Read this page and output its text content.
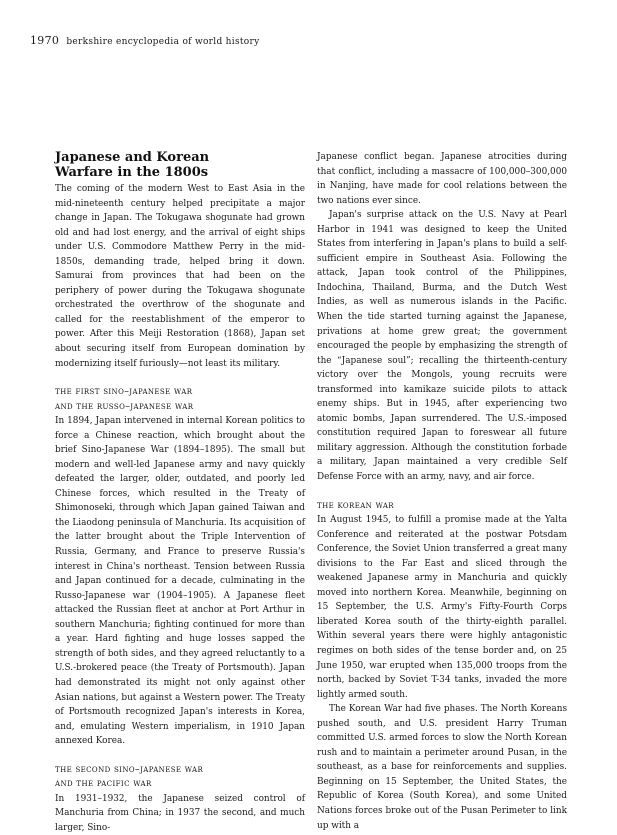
1970 berkshire encyclopedia of world history
Japanese and Korean
Warfare in the 1800s

The coming of the modern West to East Asia in the mid-nineteenth century helped precipitate a major change in Japan. The Tokugawa shogunate had grown old and had lost energy, and the arrival of eight ships under U.S. Commodore Matthew Perry in the mid-1850s, demanding trade, helped bring it down. Samurai from provinces that had been on the periphery of power during the Tokugawa shogunate orchestrated the overthrow of the shogunate and called for the reestablishment of the emperor to power. After this Meiji Restoration (1868), Japan set about securing itself from European domination by modernizing itself furiously—not least its military.

the first sino–japanese war
and the russo–japanese war

In 1894, Japan intervened in internal Korean politics to force a Chinese reaction, which brought about the brief Sino-Japanese War (1894–1895). The small but modern and well-led Japanese army and navy quickly defeated the larger, older, outdated, and poorly led Chinese forces, which resulted in the Treaty of Shimonoseki, through which Japan gained Taiwan and the Liaodong peninsula of Manchuria. Its acquisition of the latter brought about the Triple Intervention of Russia, Germany, and France to preserve Russia's interest in China's northeast. Tension between Russia and Japan continued for a decade, culminating in the Russo-Japanese war (1904–1905). A Japanese fleet attacked the Russian fleet at anchor at Port Arthur in southern Manchuria; fighting continued for more than a year. Hard fighting and huge losses sapped the strength of both sides, and they agreed reluctantly to a U.S.-brokered peace (the Treaty of Portsmouth). Japan had demonstrated its might not only against other Asian nations, but against a Western power. The Treaty of Portsmouth recognized Japan's interests in Korea, and, emulating Western imperialism, in 1910 Japan annexed Korea.

the second sino–japanese war
and the pacific war

In 1931–1932, the Japanese seized control of Manchuria from China; in 1937 the second, and much larger, Sino-

Japanese conflict began. Japanese atrocities during that conflict, including a massacre of 100,000–300,000 in Nanjing, have made for cool relations between the two nations ever since.

Japan's surprise attack on the U.S. Navy at Pearl Harbor in 1941 was designed to keep the United States from interfering in Japan's plans to build a self-sufficient empire in Southeast Asia. Following the attack, Japan took control of the Philippines, Indochina, Thailand, Burma, and the Dutch West Indies, as well as numerous islands in the Pacific. When the tide started turning against the Japanese, privations at home grew great; the government encouraged the people by emphasizing the strength of the “Japanese soul”; recalling the thirteenth-century victory over the Mongols, young recruits were transformed into kamikaze suicide pilots to attack enemy ships. But in 1945, after experiencing two atomic bombs, Japan surrendered. The U.S.-imposed constitution required Japan to foreswear all future military aggression. Although the constitution forbade a military, Japan maintained a very credible Self Defense Force with an army, navy, and air force.

the korean war

In August 1945, to fulfill a promise made at the Yalta Conference and reiterated at the postwar Potsdam Conference, the Soviet Union transferred a great many divisions to the Far East and sliced through the weakened Japanese army in Manchuria and quickly moved into northern Korea. Meanwhile, beginning on 15 September, the U.S. Army's Fifty-Fourth Corps liberated Korea south of the thirty-eighth parallel. Within several years there were highly antagonistic regimes on both sides of the tense border and, on 25 June 1950, war erupted when 135,000 troops from the north, backed by Soviet T-34 tanks, invaded the more lightly armed south.

The Korean War had five phases. The North Koreans pushed south, and U.S. president Harry Truman committed U.S. armed forces to slow the North Korean rush and to maintain a perimeter around Pusan, in the southeast, as a base for reinforcements and supplies. Beginning on 15 September, the United States, the Republic of Korea (South Korea), and some United Nations forces broke out of the Pusan Perimeter to link up with a
